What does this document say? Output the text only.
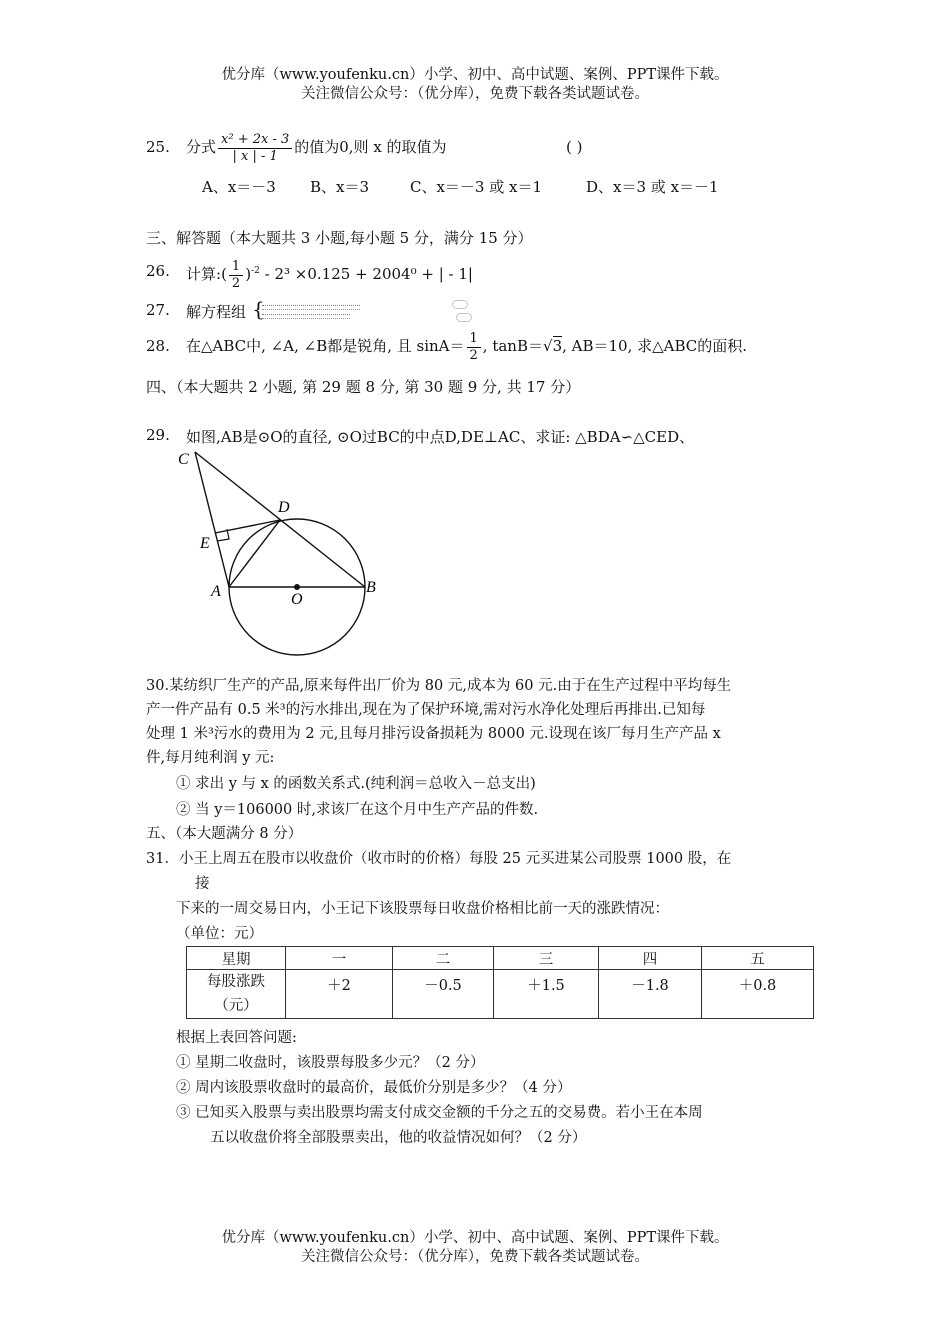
优分库（www.youfenku.cn）小学、初中、高中试题、案例、PPT课件下载。
关注微信公众号：（优分库），免费下载各类试题试卷。
25. 分式 $\frac{\text{x² + 2x - 3}}{| x | - 1}$ 的值为0,则 x 的取值为	( )
A、x＝－3 B、x＝3	C、x＝－3 或 x＝1	D、x＝3 或 x＝－1
三、解答题（本大题共 3 小题,每小题 5 分，满分 15 分）
26. 计算:( $\frac{1}{2} )^{-2} - 2^3 \times 0.125 + 2004^0$ + | - 1|
27. 解方程组 {
28. 在△ABC中, ∠A, ∠B都是锐角, 且 $\sin A= \frac{1}{2}$ , tanB＝√3, AB＝10, 求△ABC的面积.
四、（本大题共 2 小题, 第 29 题 8 分, 第 30 题 9 分, 共 17 分）
29. 如图,AB是⊙O的直径, ⊙O过BC的中点D,DE⊥AC、求证: △BDA∽△CED、
C
D
E
A	O
B
30.某纺织厂生产的产品,原来每件出厂价为 80 元,成本为 60 元.由于在生产过程中平均每生
产一件产品有 0.5 米³的污水排出,现在为了保护环境,需对污水净化处理后再排出.已知每
处理 1 米³污水的费用为 2 元,且每月排污设备损耗为 8000 元.设现在该厂每月生产产品 x
件,每月纯利润 y 元:
① 求出 y 与 x 的函数关系式.(纯利润＝总收入－总支出)
② 当 y＝106000 时,求该厂在这个月中生产产品的件数.
五、（本大题满分 8 分）
31．小王上周五在股市以收盘价（收市时的价格）每股 25 元买进某公司股票 1000 股，在
接
下来的一周交易日内，小王记下该股票每日收盘价格相比前一天的涨跌情况：
（单位：元）
星期	一	二	三	四	五

每股涨跌
（元）	＋2	－0.5	＋1.5	－1.8	＋0.8
根据上表回答问题:
① 星期二收盘时，该股票每股多少元？（2 分）
② 周内该股票收盘时的最高价，最低价分别是多少？（4 分）
③ 已知买入股票与卖出股票均需支付成交金额的千分之五的交易费。若小王在本周
五以收盘价将全部股票卖出，他的收益情况如何？（2 分）
优分库（www.youfenku.cn）小学、初中、高中试题、案例、PPT课件下载。
关注微信公众号：（优分库），免费下载各类试题试卷。
